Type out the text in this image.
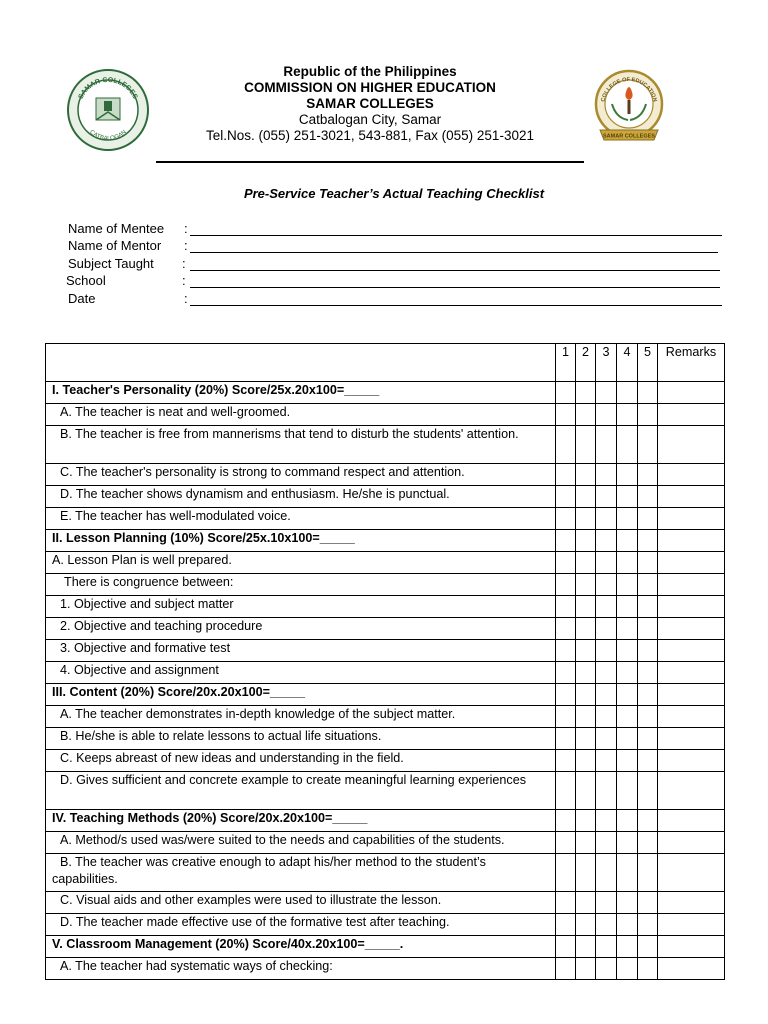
SAMAR COLLEGES
CATBALOGAN
COLLEGE OF EDUCATION
SAMAR COLLEGES
Republic of the Philippines
COMMISSION ON HIGHER EDUCATION
SAMAR COLLEGES
Catbalogan City, Samar
Tel.Nos. (055) 251-3021, 543-881, Fax (055) 251-3021
Pre-Service Teacher’s Actual Teaching Checklist
Name of Mentee :
Name of Mentor :
Subject Taught :
School	:
Date	:
	1	2	3	4	5	Remarks
I. Teacher's Personality (20%) Score/25x.20x100=_____						
A. The teacher is neat and well-groomed.						
B. The teacher is free from mannerisms that tend to disturb the students' attention.						
C. The teacher's personality is strong to command respect and attention.						
D. The teacher shows dynamism and enthusiasm. He/she is punctual.						
E. The teacher has well-modulated voice.						
II. Lesson Planning (10%) Score/25x.10x100=_____						
A. Lesson Plan is well prepared.						
There is congruence between:						
1. Objective and subject matter						
2. Objective and teaching procedure						
3. Objective and formative test						
4. Objective and assignment						
III. Content (20%) Score/20x.20x100=_____						
A. The teacher demonstrates in-depth knowledge of the subject matter.						
B. He/she is able to relate lessons to actual life situations.						
C. Keeps abreast of new ideas and understanding in the field.						
D. Gives sufficient and concrete example to create meaningful learning experiences						
IV. Teaching Methods (20%) Score/20x.20x100=_____						
A. Method/s used was/were suited to the needs and capabilities of the students.						
B. The teacher was creative enough to adapt his/her method to the student’s capabilities.						
C. Visual aids and other examples were used to illustrate the lesson.						
D. The teacher made effective use of the formative test after teaching.						
V. Classroom Management (20%) Score/40x.20x100=_____.						
A. The teacher had systematic ways of checking:						
